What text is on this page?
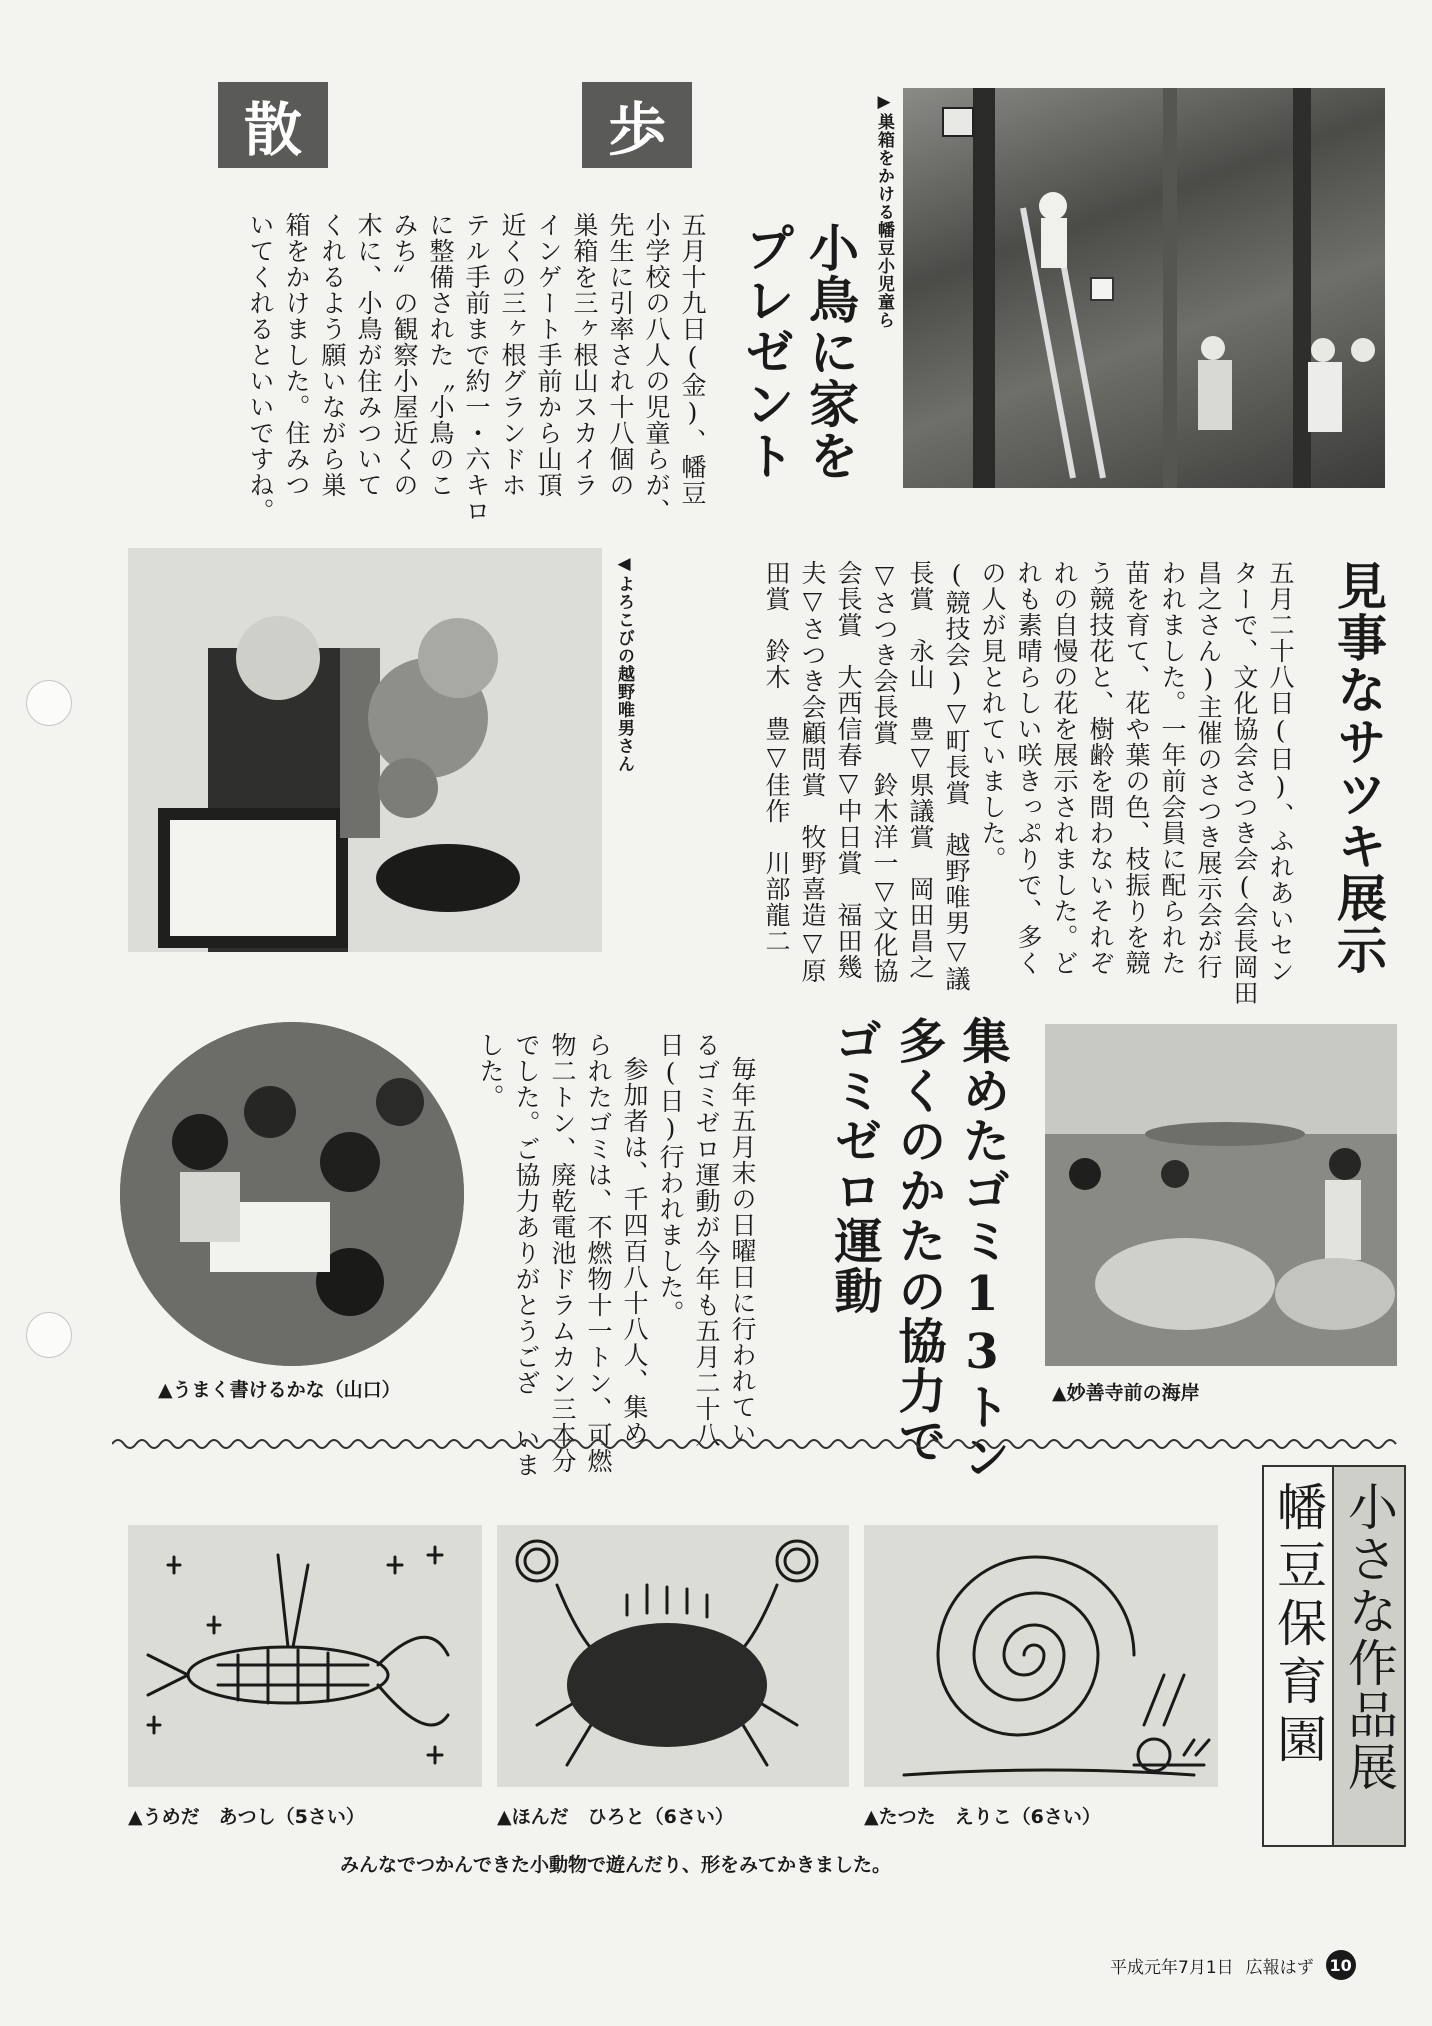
散	歩
小鳥に家を
プレゼント
五月十九日(金)、幡豆
小学校の八人の児童らが、
先生に引率され十八個の
巣箱を三ヶ根山スカイラ
インゲート手前から山頂
近くの三ヶ根グランドホ
テル手前まで約一・六キロ
に整備された〝小鳥のこ
みち〟の観察小屋近くの
木に、小鳥が住みついて
くれるよう願いながら巣
箱をかけました。住みつ
いてくれるといいですね。
▶巣箱をかける幡豆小児童ら
◀よろこびの越野唯男さん	見事なサツキ展示
五月二十八日(日)、ふれあいセン
ターで、文化協会さつき会(会長岡田
昌之さん)主催のさつき展示会が行
われました。一年前会員に配られた
苗を育て、花や葉の色、枝振りを競
う競技花と、樹齢を問わないそれぞ
れの自慢の花を展示されました。ど
れも素晴らしい咲きっぷりで、多く
の人が見とれていました。
(競技会)▽町長賞　越野唯男▽議
長賞　永山　豊▽県議賞　岡田昌之
▽さつき会長賞　鈴木洋一▽文化協
会長賞　大西信春▽中日賞　福田幾
夫▽さつき会顧問賞　牧野喜造▽原
田賞　鈴木　豊▽佳作　川部龍二
▲うまく書けるかな（山口）	毎年五月末の日曜日に行われてい
るゴミゼロ運動が今年も五月二十八
日(日)行われました。
参加者は、千四百八十八人、集め
られたゴミは、不燃物十一トン、可燃
物二トン、廃乾電池ドラムカン三本分
でした。ご協力ありがとうござ いま
した。	集めたゴミ13トン
多くのかたの協力で
ゴミゼロ運動
▲妙善寺前の海岸
幡豆保育園 小さな作品展
▲うめだ　あつし（5さい）	▲ほんだ　ひろと（6さい）	▲たつた　えりこ（6さい）
みんなでつかんできた小動物で遊んだり、形をみてかきました。
平成元年7月1日 広報はず 10
